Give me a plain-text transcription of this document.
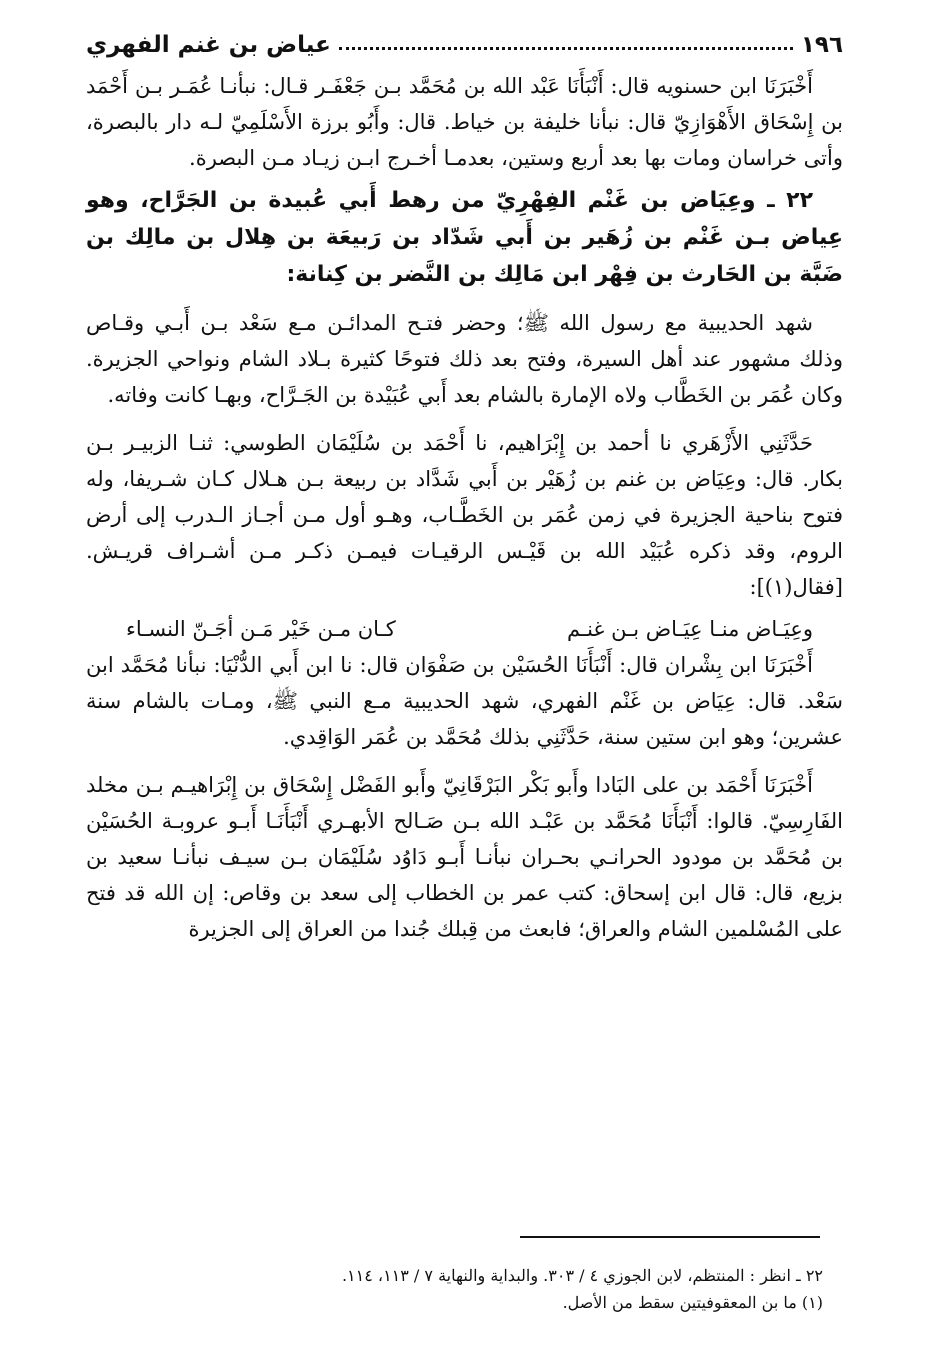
١٩٦
عياض بن غنم الفهري

أَخْبَرَنَا ابن حسنويه قال: أَنْبَأَنَا عَبْد الله بن مُحَمَّد بـن جَعْفَـر قـال: نبأنـا عُمَـر بـن أَحْمَد بن إِسْحَاق الأَهْوَازِيّ قال: نبأنا خليفة بن خياط. قال: وأَبُو برزة الأَسْلَمِيّ لـه دار بالبصرة، وأتى خراسان ومات بها بعد أربع وستين، بعدمـا أخـرج ابـن زيـاد مـن البصرة.

٢٢ ـ وعِيَاض بن غَنْم الفِهْرِيّ من رهط أَبي عُبيدة بن الجَرَّاح، وهو عِياض بـن غَنْم بن زُهَير بن أَبي شَدّاد بن رَبيعَة بن هِلال بن مالِك بن ضَبَّة بن الحَارث بن فِهْر ابن مَالِك بن النَّضر بن كِنانة:

شهد الحديبية مع رسول الله ﷺ؛ وحضر فتـح المدائـن مـع سَعْد بـن أَبـي وقـاص وذلك مشهور عند أهل السيرة، وفتح بعد ذلك فتوحًا كثيرة بـلاد الشام ونواحي الجزيرة. وكان عُمَر بن الخَطَّاب ولاه الإمارة بالشام بعد أَبي عُبَيْدة بن الجَـرَّاح، وبهـا كانت وفاته.

حَدَّثَنِي الأَزْهَري نا أحمد بن إِبْرَاهيم، نا أَحْمَد بن سُلَيْمَان الطوسي: ثنـا الزبيـر بـن بكار. قال: وعِيَاض بن غنم بن زُهَيْر بن أَبي شَدَّاد بن ربيعة بـن هـلال كـان شـريفا، وله فتوح بناحية الجزيرة في زمن عُمَر بن الخَطَّـاب، وهـو أول مـن أجـاز الـدرب إلى أرض الروم، وقد ذكره عُبَيْد الله بن قَيْـس الرقيـات فيمـن ذكـر مـن أشـراف قريـش. [فقال(١)]:

وعِيَـاض منـا عِيَـاض بـن غنـم
كـان مـن خَيْر مَـن أجَـنّ النسـاء

أَخْبَرَنَا ابن بِشْران قال: أَنْبَأَنَا الحُسَيْن بن صَفْوَان قال: نا ابن أَبي الدُّنْيَا: نبأنا مُحَمَّد ابن سَعْد. قال: عِيَاض بن غَنْم الفهري، شهد الحديبية مـع النبي ﷺ، ومـات بالشام سنة عشرين؛ وهو ابن ستين سنة، حَدَّثَنِي بذلك مُحَمَّد بن عُمَر الوَاقِدي.

أَخْبَرَنَا أَحْمَد بن على البَادا وأَبو بَكْر البَرْقَانِيّ وأَبو الفَضْل إِسْحَاق بن إِبْرَاهيـم بـن مخلد الفَارِسِيّ. قالوا: أَنْبَأَنَا مُحَمَّد بن عَبْـد الله بـن صَـالح الأبهـري أَنْبَأَنَـا أَبـو عروبـة الحُسَيْن بن مُحَمَّد بن مودود الحرانـي بحـران نبأنـا أَبـو دَاوُد سُلَيْمَان بـن سيـف نبأنـا سعيد بن بزيع، قال: قال ابن إسحاق: كتب عمر بن الخطاب إلى سعد بن وقاص: إن الله قد فتح على المُسْلمين الشام والعراق؛ فابعث من قِبلك جُندا من العراق إلى الجزيرة

٢٢ ـ انظر : المنتظم، لابن الجوزي ٤ / ٣٠٣. والبداية والنهاية ٧ / ١١٣، ١١٤.

(١) ما بن المعقوفيتين سقط من الأصل.
